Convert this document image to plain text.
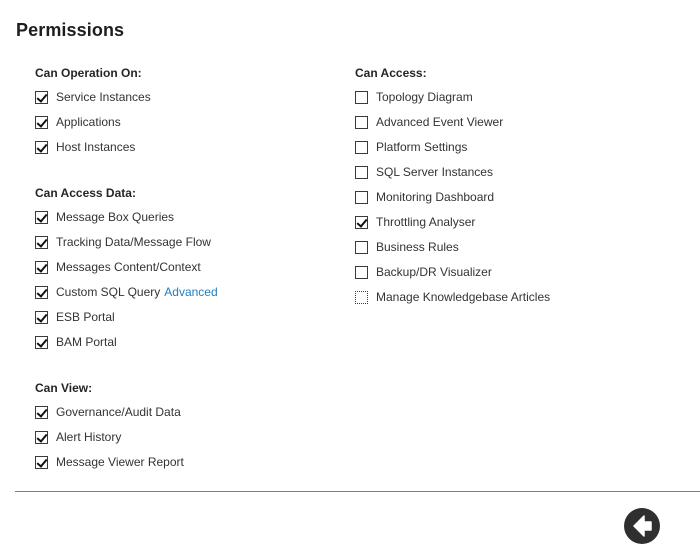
Permissions
Can Operation On:
Service Instances
Applications
Host Instances
Can Access Data:
Message Box Queries
Tracking Data/Message Flow
Messages Content/Context
Custom SQL Query Advanced
ESB Portal
BAM Portal
Can View:
Governance/Audit Data
Alert History
Message Viewer Report
Can Access:
Topology Diagram
Advanced Event Viewer
Platform Settings
SQL Server Instances
Monitoring Dashboard
Throttling Analyser
Business Rules
Backup/DR Visualizer
Manage Knowledgebase Articles
